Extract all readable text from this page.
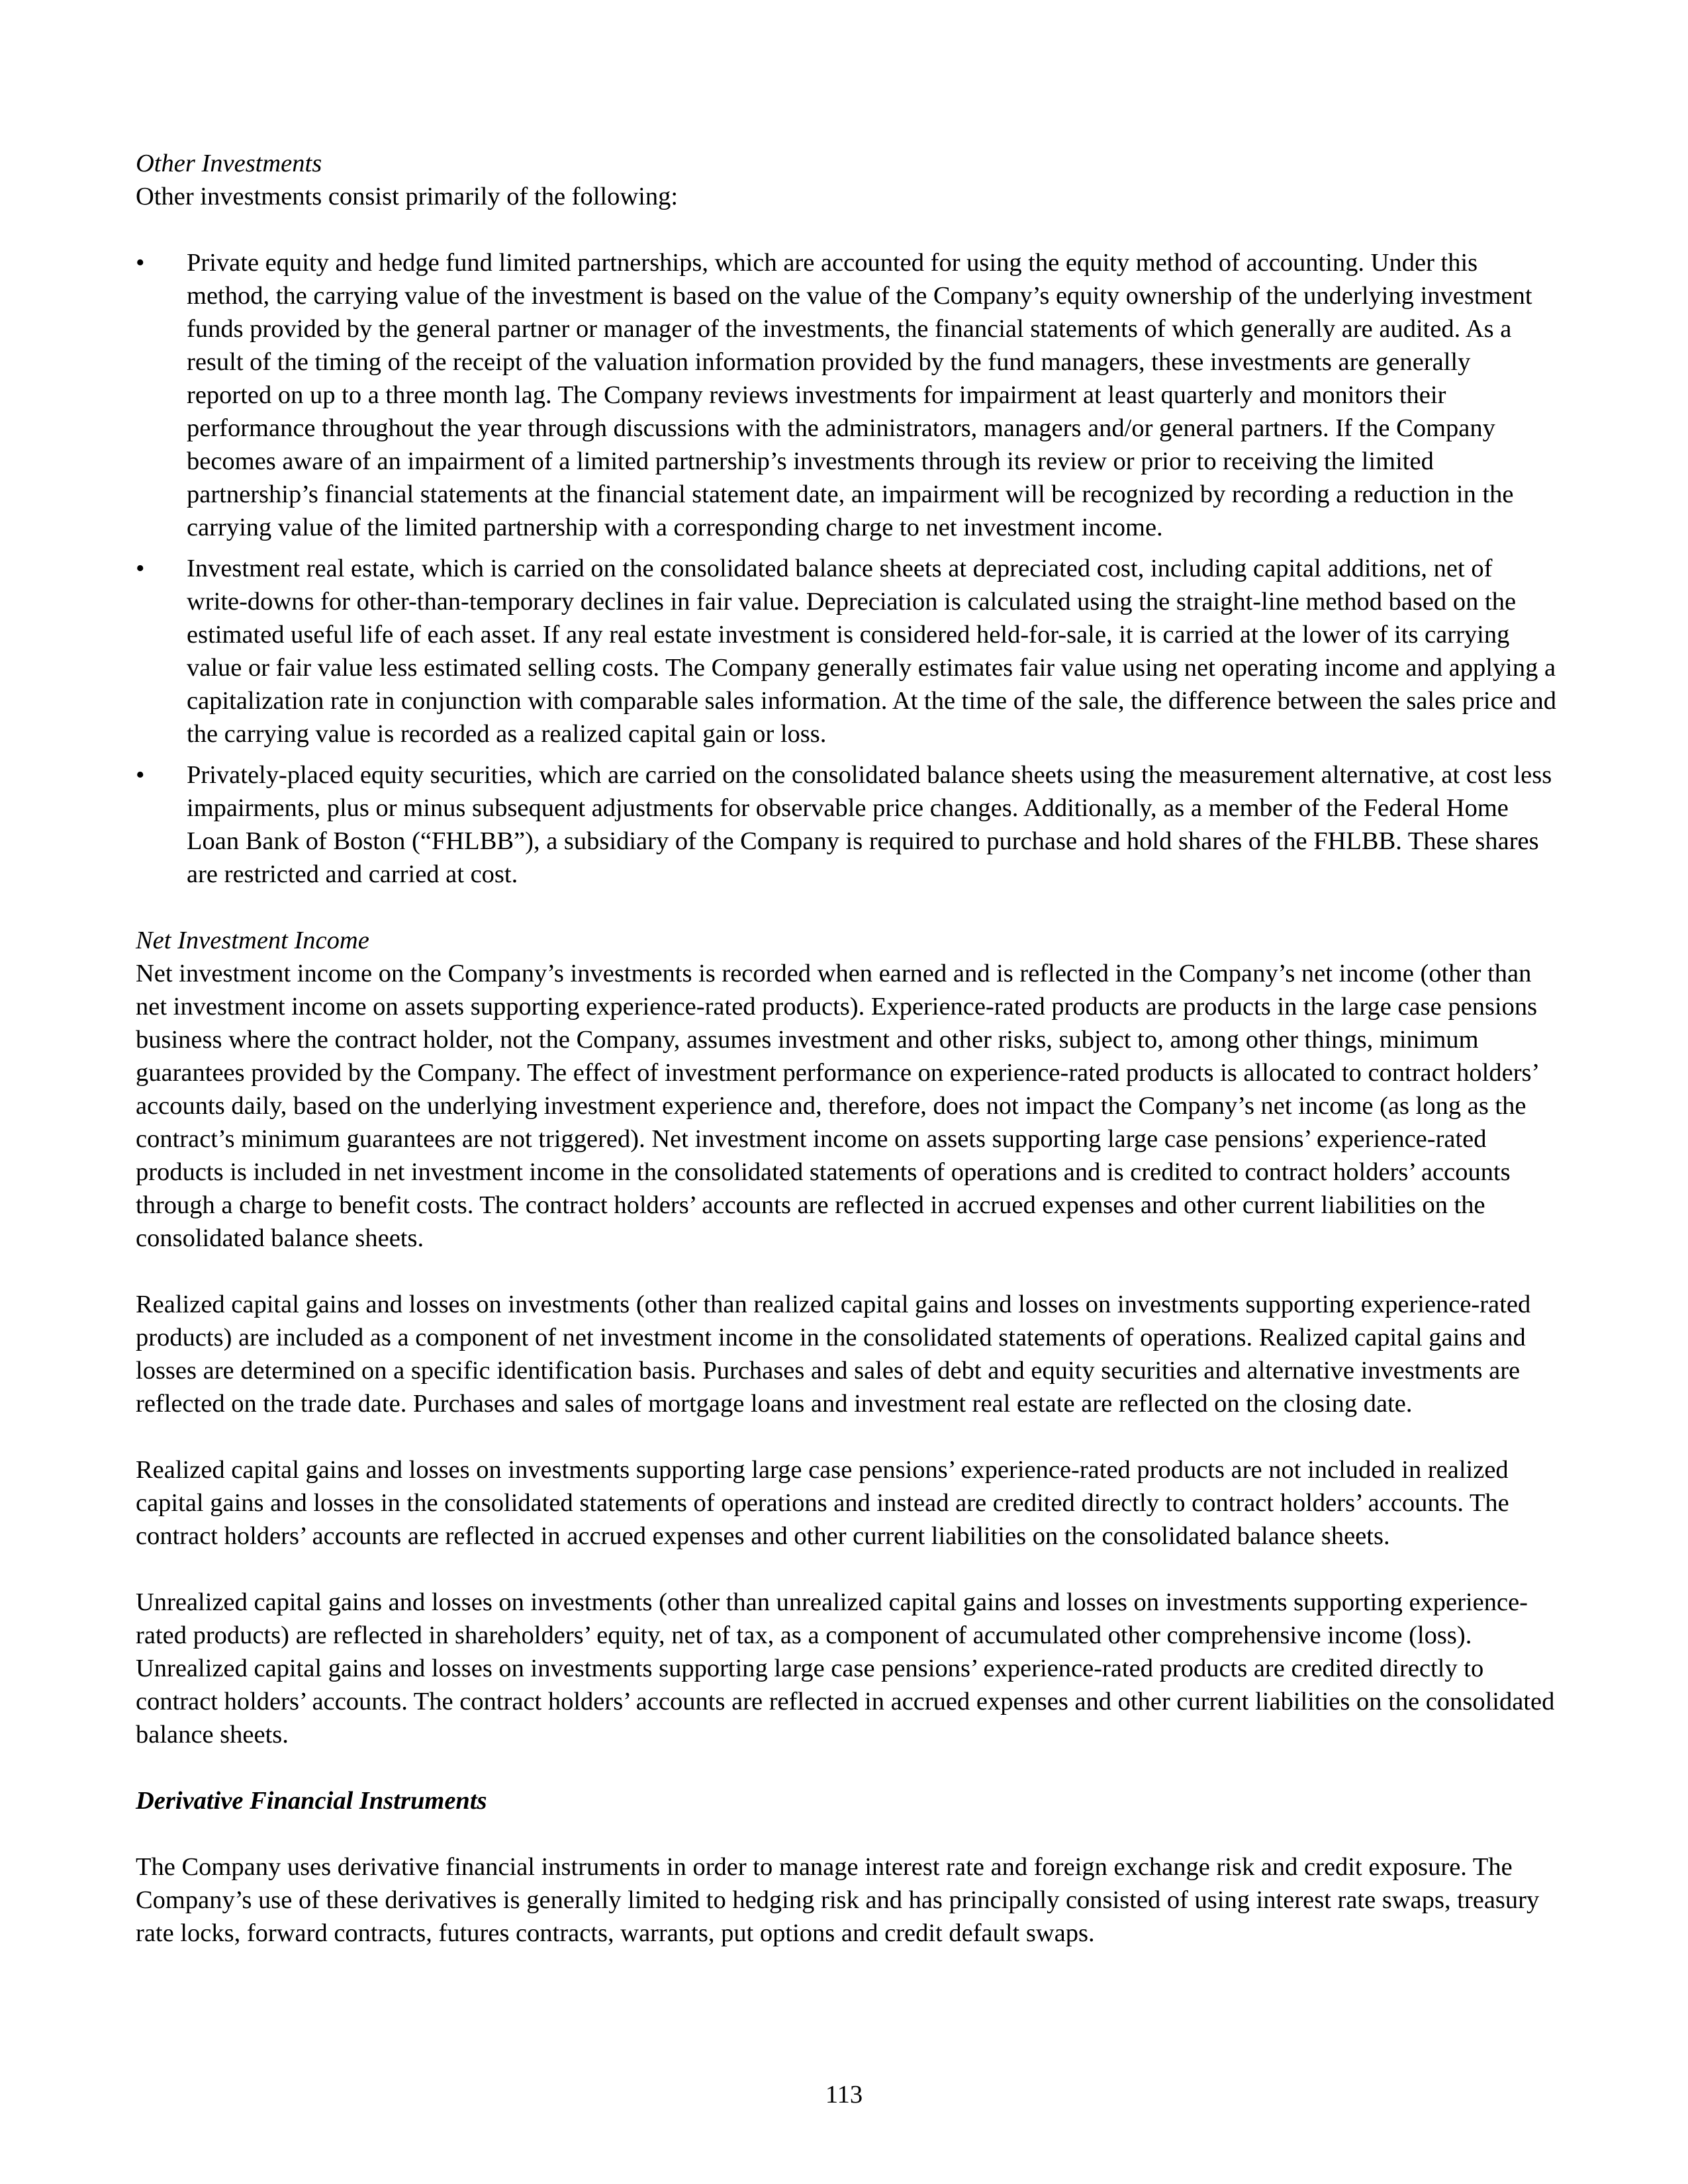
Other Investments

Other investments consist primarily of the following:

• Private equity and hedge fund limited partnerships, which are accounted for using the equity method of accounting. Under this method, the carrying value of the investment is based on the value of the Company’s equity ownership of the underlying investment funds provided by the general partner or manager of the investments, the financial statements of which generally are audited. As a result of the timing of the receipt of the valuation information provided by the fund managers, these investments are generally reported on up to a three month lag. The Company reviews investments for impairment at least quarterly and monitors their performance throughout the year through discussions with the administrators, managers and/or general partners. If the Company becomes aware of an impairment of a limited partnership’s investments through its review or prior to receiving the limited partnership’s financial statements at the financial statement date, an impairment will be recognized by recording a reduction in the carrying value of the limited partnership with a corresponding charge to net investment income.
• Investment real estate, which is carried on the consolidated balance sheets at depreciated cost, including capital additions, net of write-downs for other-than-temporary declines in fair value. Depreciation is calculated using the straight-line method based on the estimated useful life of each asset. If any real estate investment is considered held-for-sale, it is carried at the lower of its carrying value or fair value less estimated selling costs. The Company generally estimates fair value using net operating income and applying a capitalization rate in conjunction with comparable sales information. At the time of the sale, the difference between the sales price and the carrying value is recorded as a realized capital gain or loss.
• Privately-placed equity securities, which are carried on the consolidated balance sheets using the measurement alternative, at cost less impairments, plus or minus subsequent adjustments for observable price changes. Additionally, as a member of the Federal Home Loan Bank of Boston (“FHLBB”), a subsidiary of the Company is required to purchase and hold shares of the FHLBB. These shares are restricted and carried at cost.

Net Investment Income

Net investment income on the Company’s investments is recorded when earned and is reflected in the Company’s net income (other than net investment income on assets supporting experience-rated products). Experience-rated products are products in the large case pensions business where the contract holder, not the Company, assumes investment and other risks, subject to, among other things, minimum guarantees provided by the Company. The effect of investment performance on experience-rated products is allocated to contract holders’ accounts daily, based on the underlying investment experience and, therefore, does not impact the Company’s net income (as long as the contract’s minimum guarantees are not triggered). Net investment income on assets supporting large case pensions’ experience-rated products is included in net investment income in the consolidated statements of operations and is credited to contract holders’ accounts through a charge to benefit costs. The contract holders’ accounts are reflected in accrued expenses and other current liabilities on the consolidated balance sheets.

Realized capital gains and losses on investments (other than realized capital gains and losses on investments supporting experience-rated products) are included as a component of net investment income in the consolidated statements of operations. Realized capital gains and losses are determined on a specific identification basis. Purchases and sales of debt and equity securities and alternative investments are reflected on the trade date. Purchases and sales of mortgage loans and investment real estate are reflected on the closing date.

Realized capital gains and losses on investments supporting large case pensions’ experience-rated products are not included in realized capital gains and losses in the consolidated statements of operations and instead are credited directly to contract holders’ accounts. The contract holders’ accounts are reflected in accrued expenses and other current liabilities on the consolidated balance sheets.

Unrealized capital gains and losses on investments (other than unrealized capital gains and losses on investments supporting experience-rated products) are reflected in shareholders’ equity, net of tax, as a component of accumulated other comprehensive income (loss). Unrealized capital gains and losses on investments supporting large case pensions’ experience-rated products are credited directly to contract holders’ accounts. The contract holders’ accounts are reflected in accrued expenses and other current liabilities on the consolidated balance sheets.

Derivative Financial Instruments

The Company uses derivative financial instruments in order to manage interest rate and foreign exchange risk and credit exposure. The Company’s use of these derivatives is generally limited to hedging risk and has principally consisted of using interest rate swaps, treasury rate locks, forward contracts, futures contracts, warrants, put options and credit default swaps.

113
